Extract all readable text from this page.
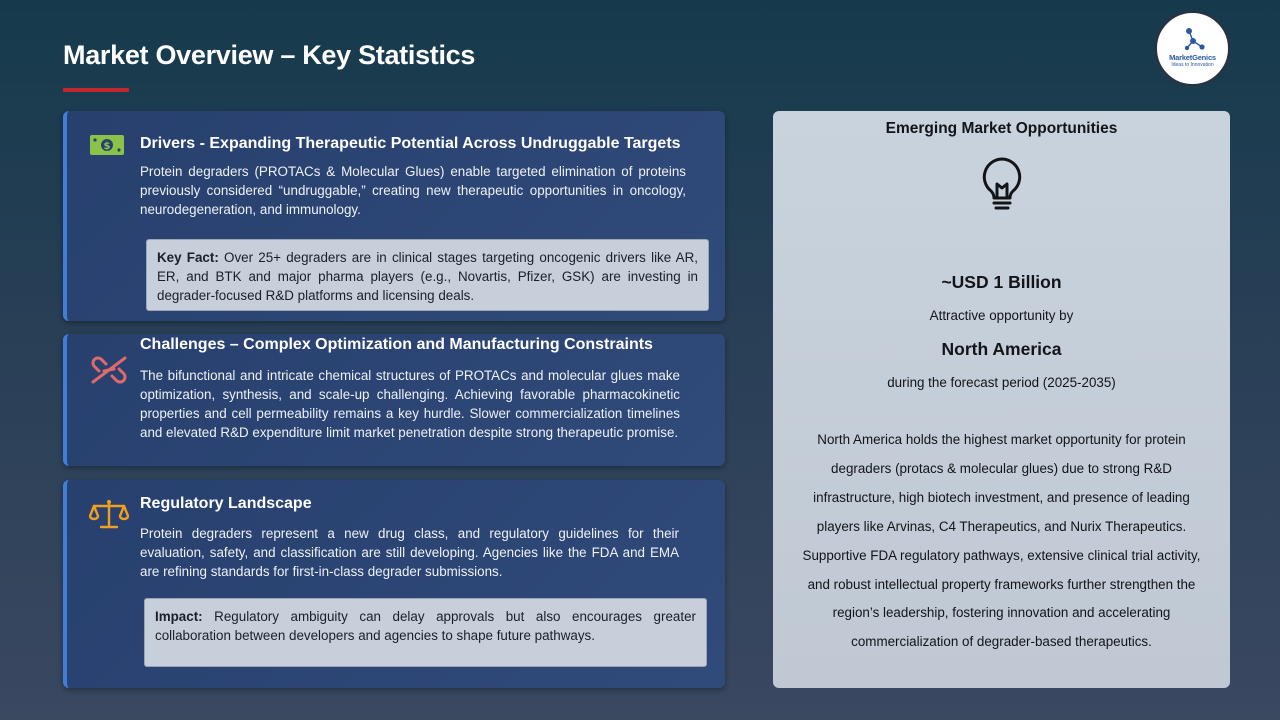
Market Overview – Key Statistics	MarketGenics
Ideas to Innovation
$ Drivers - Expanding Therapeutic Potential Across Undruggable Targets

Protein degraders (PROTACs & Molecular Glues) enable targeted elimination of proteins previously considered “undruggable,” creating new therapeutic opportunities in oncology, neurodegeneration, and immunology.

Key Fact: Over 25+ degraders are in clinical stages targeting oncogenic drivers like AR, ER, and BTK and major pharma players (e.g., Novartis, Pfizer, GSK) are investing in degrader-focused R&D platforms and licensing deals.
Challenges – Complex Optimization and Manufacturing Constraints

The bifunctional and intricate chemical structures of PROTACs and molecular glues make optimization, synthesis, and scale-up challenging. Achieving favorable pharmacokinetic properties and cell permeability remains a key hurdle. Slower commercialization timelines and elevated R&D expenditure limit market penetration despite strong therapeutic promise.

Regulatory Landscape

Protein degraders represent a new drug class, and regulatory guidelines for their evaluation, safety, and classification are still developing. Agencies like the FDA and EMA are refining standards for first-in-class degrader submissions.

Impact: Regulatory ambiguity can delay approvals but also encourages greater collaboration between developers and agencies to shape future pathways.
Emerging Market Opportunities
~USD 1 Billion
Attractive opportunity by
North America
during the forecast period (2025-2035)

North America holds the highest market opportunity for protein degraders (protacs & molecular glues) due to strong R&D infrastructure, high biotech investment, and presence of leading players like Arvinas, C4 Therapeutics, and Nurix Therapeutics. Supportive FDA regulatory pathways, extensive clinical trial activity, and robust intellectual property frameworks further strengthen the region’s leadership, fostering innovation and accelerating commercialization of degrader-based therapeutics.
